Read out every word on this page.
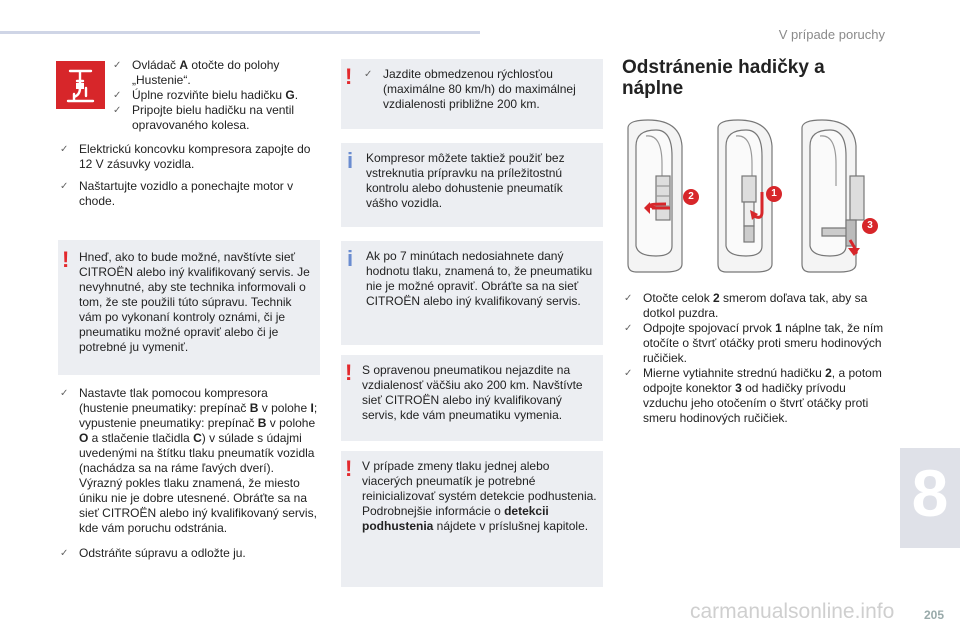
V prípade poruchy
✓ Ovládač A otočte do polohy „Hustenie“.
✓ Úplne rozviňte bielu hadičku G.
✓ Pripojte bielu hadičku na ventil opravovaného kolesa.
✓ Elektrickú koncovku kompresora zapojte do 12 V zásuvky vozidla.
✓ Naštartujte vozidlo a ponechajte motor v chode.
! Hneď, ako to bude možné, navštívte sieť CITROËN alebo iný kvalifikovaný servis. Je nevyhnutné, aby ste technika informovali o tom, že ste použili túto súpravu. Technik vám po vykonaní kontroly oznámi, či je pneumatiku možné opraviť alebo či je potrebné ju vymeniť.
✓ Nastavte tlak pomocou kompresora (hustenie pneumatiky: prepínač B v polohe I; vypustenie pneumatiky: prepínač B v polohe O a stlačenie tlačidla C) v súlade s údajmi uvedenými na štítku tlaku pneumatík vozidla (nachádza sa na ráme ľavých dverí).
Výrazný pokles tlaku znamená, že miesto úniku nie je dobre utesnené. Obráťte sa na sieť CITROËN alebo iný kvalifikovaný servis, kde vám poruchu odstránia.
✓ Odstráňte súpravu a odložte ju.
!
✓	Jazdite obmedzenou rýchlosťou (maximálne 80 km/h) do maximálnej vzdialenosti približne 200 km.
i Kompresor môžete taktiež použiť bez vstreknutia prípravku na príležitostnú kontrolu alebo dohustenie pneumatík vášho vozidla.
i Ak po 7 minútach nedosiahnete daný hodnotu tlaku, znamená to, že pneumatiku nie je možné opraviť. Obráťte sa na sieť CITROËN alebo iný kvalifikovaný servis.
! S opravenou pneumatikou nejazdite na vzdialenosť väčšiu ako 200 km. Navštívte sieť CITROËN alebo iný kvalifikovaný servis, kde vám pneumatiku vymenia.
! V prípade zmeny tlaku jednej alebo viacerých pneumatík je potrebné reinicializovať systém detekcie podhustenia.
Podrobnejšie informácie o detekcii podhustenia nájdete v príslušnej kapitole.
Odstránenie hadičky a náplne
2	1
3
✓ Otočte celok 2 smerom doľava tak, aby sa dotkol puzdra.
✓ Odpojte spojovací prvok 1 náplne tak, že ním otočíte o štvrť otáčky proti smeru hodinových ručičiek.
✓ Mierne vytiahnite strednú hadičku 2, a potom odpojte konektor 3 od hadičky prívodu vzduchu jeho otočením o štvrť otáčky proti smeru hodinových ručičiek.
8
carmanualsonline.info 205
